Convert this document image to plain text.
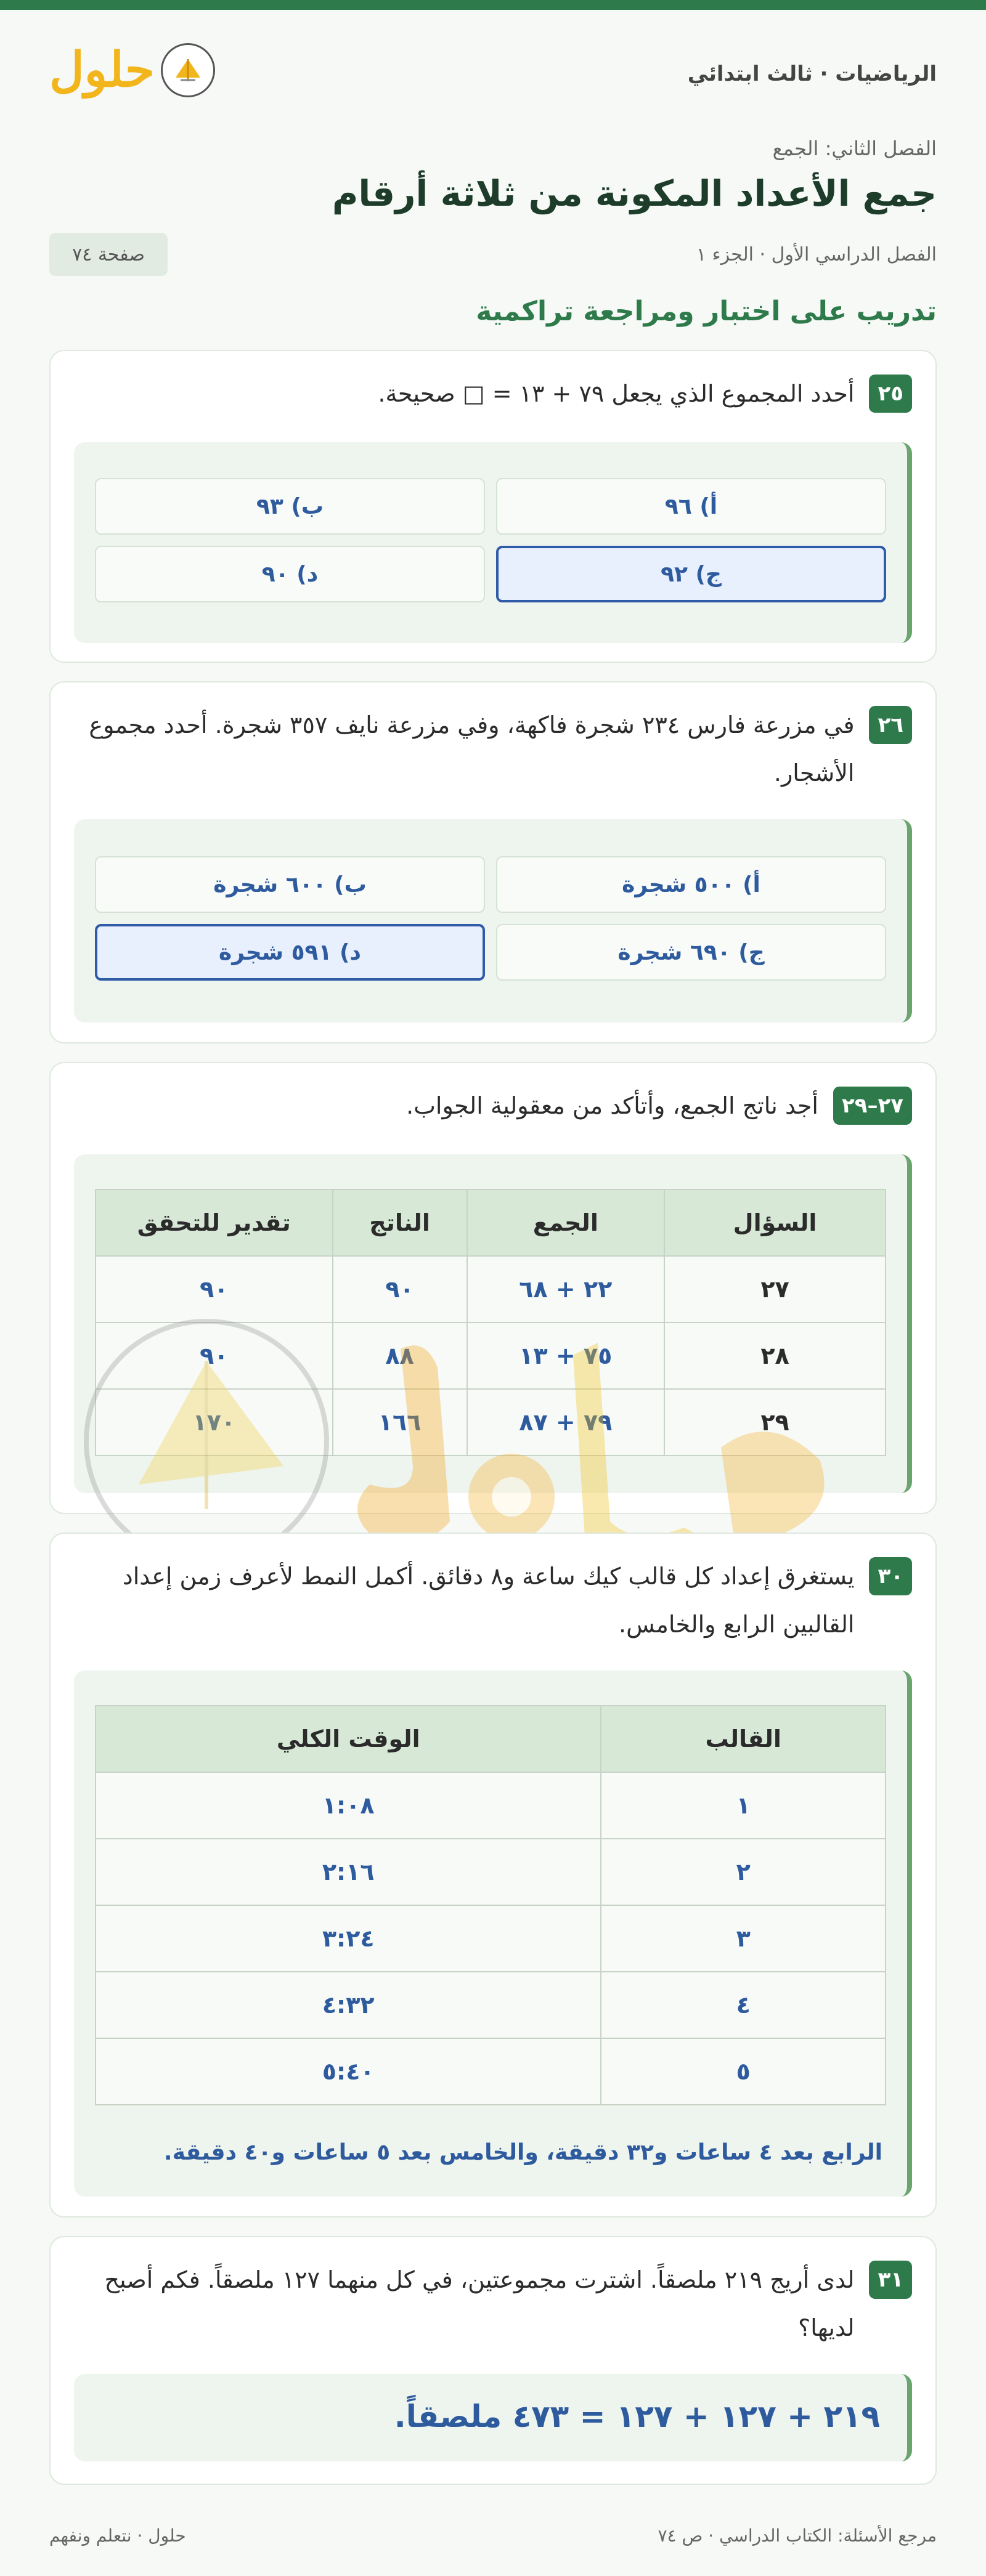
حلول	الرياضيات · ثالث ابتدائي
الفصل الثاني: الجمع
جمع الأعداد المكونة من ثلاثة أرقام
الفصل الدراسي الأول · الجزء ١
صفحة ٧٤
تدريب على اختبار ومراجعة تراكمية
٢٥
أحدد المجموع الذي يجعل ٧٩ + ١٣ = □ صحيحة.
أ) ٩٦
ب) ٩٣
ج) ٩٢
د) ٩٠
٢٦
في مزرعة فارس ٢٣٤ شجرة فاكهة، وفي مزرعة نايف ٣٥٧ شجرة. أحدد مجموع الأشجار.
أ) ٥٠٠ شجرة
ب) ٦٠٠ شجرة
ج) ٦٩٠ شجرة
د) ٥٩١ شجرة
٢٧–٢٩
أجد ناتج الجمع، وأتأكد من معقولية الجواب.
السؤال	الجمع	الناتج	تقدير للتحقق
٢٧	٢٢ + ٦٨	٩٠	٩٠
٢٨	٧٥ + ١٣	٨٨	٩٠
٢٩	٧٩ + ٨٧	١٦٦	١٧٠
٣٠
يستغرق إعداد كل قالب كيك ساعة و٨ دقائق. أكمل النمط لأعرف زمن إعداد القالبين الرابع والخامس.
القالب	الوقت الكلي
١	١:٠٨
٢	٢:١٦
٣	٣:٢٤
٤	٤:٣٢
٥	٥:٤٠
الرابع بعد ٤ ساعات و٣٢ دقيقة، والخامس بعد ٥ ساعات و٤٠ دقيقة.
٣١
لدى أريج ٢١٩ ملصقاً. اشترت مجموعتين، في كل منهما ١٢٧ ملصقاً. فكم أصبح لديها؟
٢١٩ + ١٢٧ + ١٢٧ = ٤٧٣ ملصقاً.
مرجع الأسئلة: الكتاب الدراسي · ص ٧٤
حلول · نتعلم ونفهم
